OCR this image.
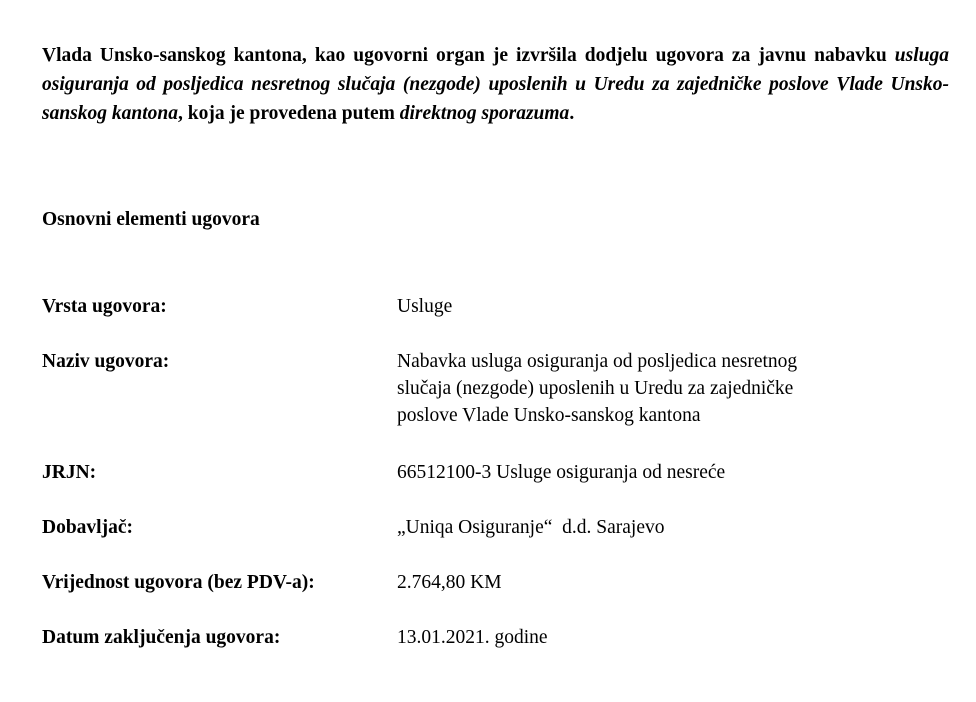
Vlada Unsko-sanskog kantona, kao ugovorni organ je izvršila dodjelu ugovora za javnu nabavku usluga osiguranja od posljedica nesretnog slučaja (nezgode) uposlenih u Uredu za zajedničke poslove Vlade Unsko-sanskog kantona, koja je provedena putem direktnog sporazuma.

Osnovni elementi ugovora

Vrsta ugovora:	Usluge
Naziv ugovora:	Nabavka usluga osiguranja od posljedica nesretnog
slučaja (nezgode) uposlenih u Uredu za zajedničke
poslove Vlade Unsko-sanskog kantona
JRJN:	66512100-3 Usluge osiguranja od nesreće
Dobavljač:	„Uniqa Osiguranje“  d.d. Sarajevo
Vrijednost ugovora (bez PDV-a):	2.764,80 KM
Datum zaključenja ugovora:	13.01.2021. godine
